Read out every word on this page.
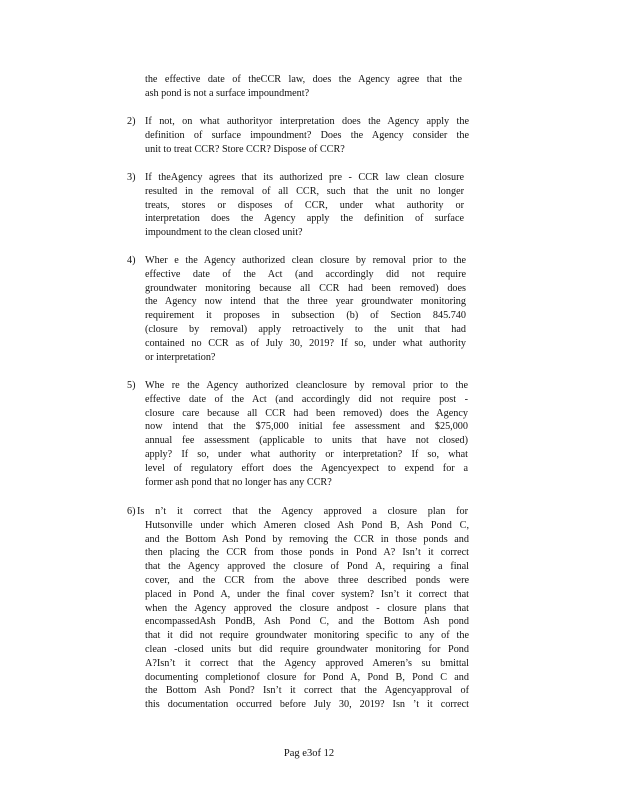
the effective date of theCCR law, does the Agency agree that the
ash pond is not a surface impoundment?
2) If not, on what authorityor interpretation does the Agency apply the
definition of surface impoundment? Does the Agency consider the
unit to treat CCR? Store CCR? Dispose of CCR?
3) If theAgency agrees that its authorized pre - CCR law clean closure
resulted in the removal of all CCR, such that the unit no longer
treats, stores or disposes of CCR, under what authority or
interpretation does the Agency apply the definition of surface
impoundment to the clean closed unit?
4) Wher e the Agency authorized clean closure by removal prior to the
effective date of the Act (and accordingly did not require
groundwater monitoring because all CCR had been removed) does
the Agency now intend that the three year groundwater monitoring
requirement it proposes in subsection (b) of Section 845.740
(closure by removal) apply retroactively to the unit that had
contained no CCR as of July 30, 2019? If so, under what authority
or interpretation?
5) Whe re the Agency authorized cleanclosure by removal prior to the
effective date of the Act (and accordingly did not require post -
closure care because all CCR had been removed) does the Agency
now intend that the $75,000 initial fee assessment and $25,000
annual fee assessment (applicable to units that have not closed)
apply? If so, under what authority or interpretation? If so, what
level of regulatory effort does the Agencyexpect to expend for a
former ash pond that no longer has any CCR?
6) Is n’t it correct that the Agency approved a closure plan for
Hutsonville under which Ameren closed Ash Pond B, Ash Pond C,
and the Bottom Ash Pond by removing the CCR in those ponds and
then placing the CCR from those ponds in Pond A? Isn’t it correct
that the Agency approved the closure of Pond A, requiring a final
cover, and the CCR from the above three described ponds were
placed in Pond A, under the final cover system? Isn’t it correct that
when the Agency approved the closure andpost - closure plans that
encompassedAsh PondB, Ash Pond C, and the Bottom Ash pond
that it did not require groundwater monitoring specific to any of the
clean -closed units but did require groundwater monitoring for Pond
A?Isn’t it correct that the Agency approved Ameren’s su bmittal
documenting completionof closure for Pond A, Pond B, Pond C and
the Bottom Ash Pond? Isn’t it correct that the Agencyapproval of
this documentation occurred before July 30, 2019? Isn ’t it correct
Pag e3of 12
